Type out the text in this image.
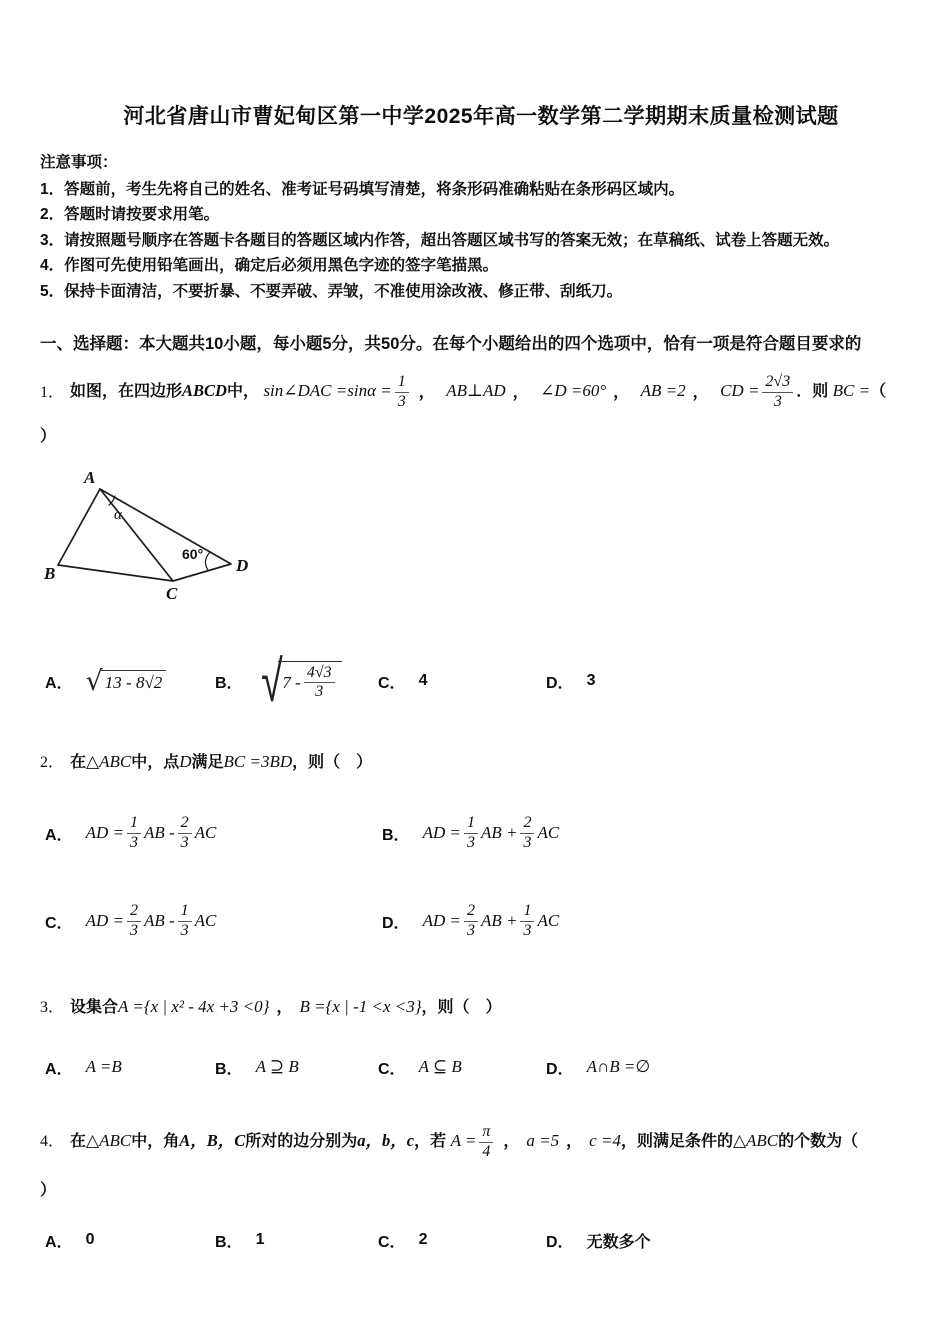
河北省唐山市曹妃甸区第一中学2025年高一数学第二学期期末质量检测试题

注意事项：

1．答题前，考生先将自己的姓名、准考证号码填写清楚，将条形码准确粘贴在条形码区域内。

2．答题时请按要求用笔。

3．请按照题号顺序在答题卡各题目的答题区域内作答，超出答题区域书写的答案无效；在草稿纸、试卷上答题无效。

4．作图可先使用铅笔画出，确定后必须用黑色字迹的签字笔描黑。

5．保持卡面清洁，不要折暴、不要弄破、弄皱，不准使用涂改液、修正带、刮纸刀。

一、选择题：本大题共10小题，每小题5分，共50分。在每个小题给出的四个选项中，恰有一项是符合题目要求的

1． 如图，在四边形ABCD中， sin∠DAC $=\sin\alpha = \frac{1}{3}$ ， AB⊥AD ， ∠D =60° ， AB =2 ， CD = $\frac{2√3}{3}$ ．则 BC =（

）

A
B
C
D
α
60°
A． √ 13 - 8√2	B． √ $7 - \frac{4√3}{3}$	C． 4	D． 3
2． 在△ABC中，点D满足BC =3BD，则（　）
A． AD = $\frac{1}{3}$ AB - $\frac{2}{3}$ AC	B． AD = $\frac{1}{3}$ AB + $\frac{2}{3}$ AC
C． AD = $\frac{2}{3}$ AB - $\frac{1}{3}$ AC	D． AD = $\frac{2}{3}$ AB + $\frac{1}{3}$ AC
3． 设集合A ={x | x² - 4x +3 <0} ， B ={x | -1 <x <3}，则（　）
A． A =B	B． A ⊇ B	C． A ⊆ B	D． A∩B =∅
4． 在△ABC中，角A，B，C所对的边分别为a，b，c，若 $A = \frac{\pi}{4}$ ， a =5 ， c =4，则满足条件的△ABC的个数为（

）

A． 0	B． 1	C． 2	D． 无数多个
